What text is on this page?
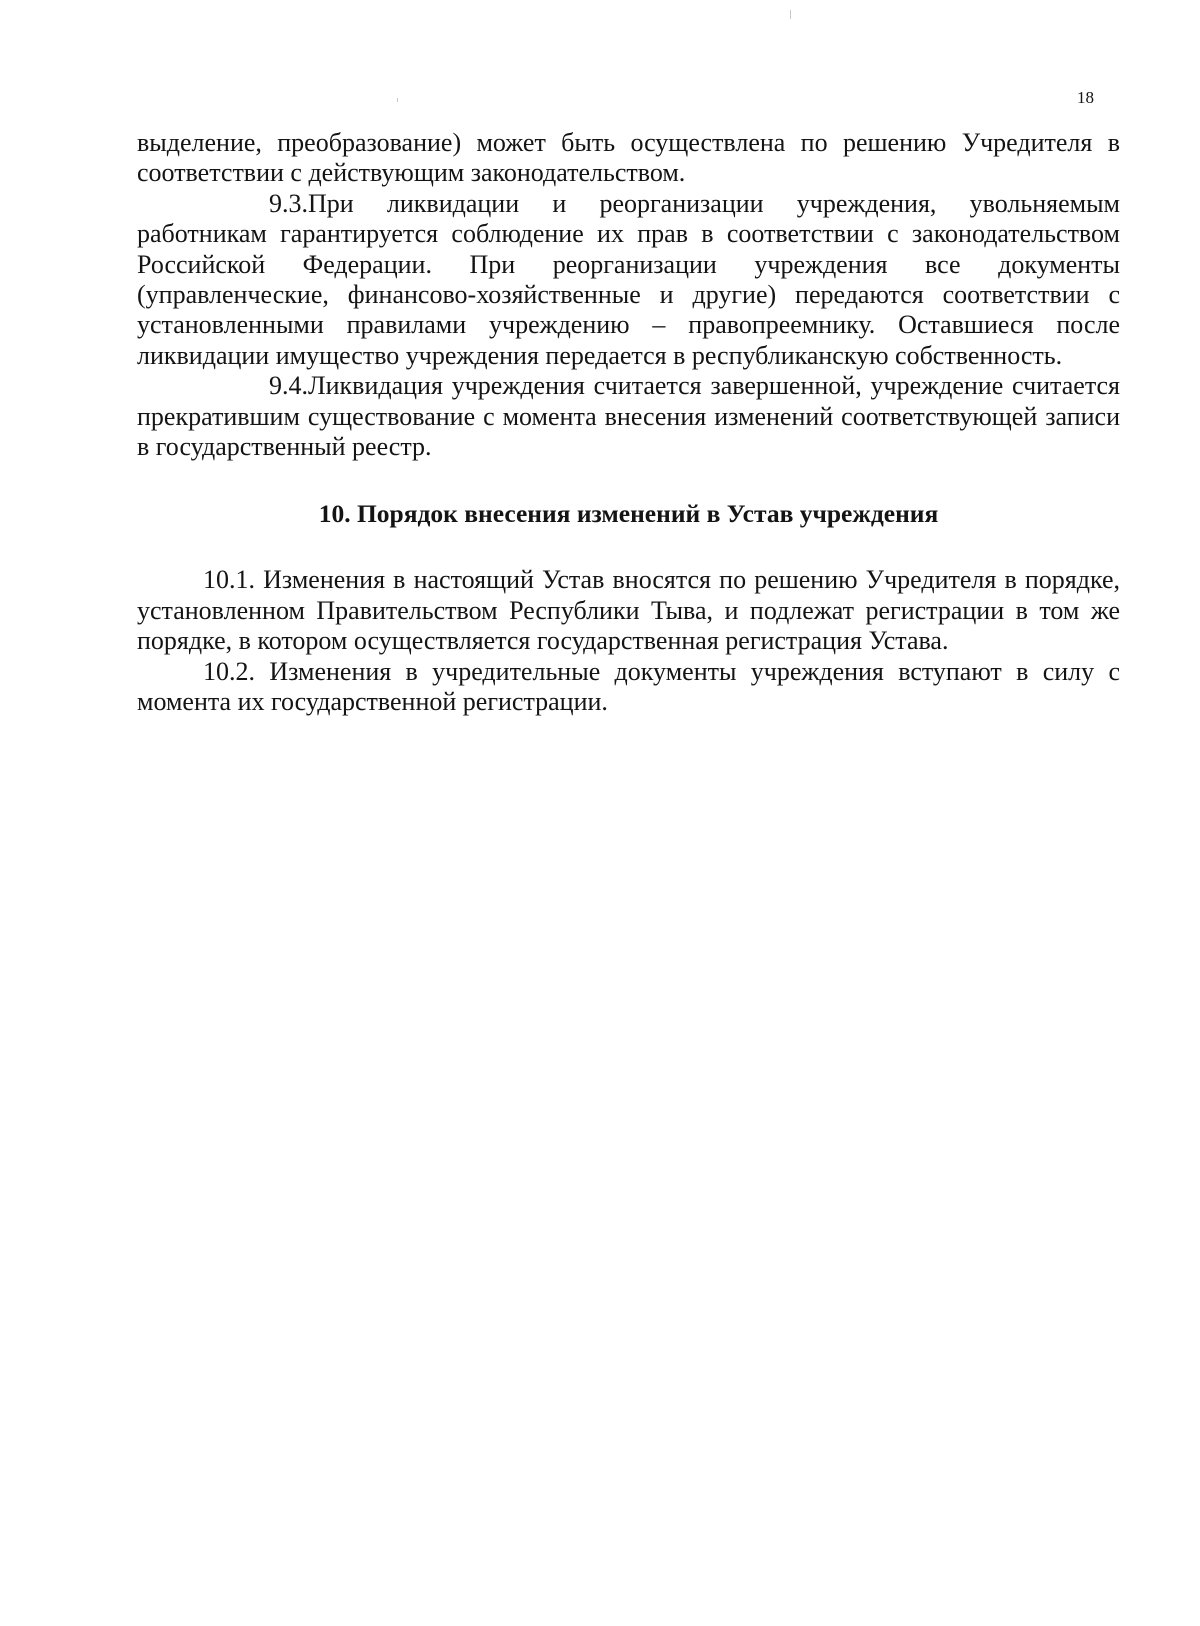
18

выделение, преобразование) может быть осуществлена по решению Учредителя в соответствии с действующим законодательством.

9.3.При ликвидации и реорганизации учреждения, увольняемым работникам гарантируется соблюдение их прав в соответствии с законодательством Российской Федерации. При реорганизации учреждения все документы (управленческие, финансово-хозяйственные и другие) передаются соответствии с установленными правилами учреждению – правопреемнику. Оставшиеся после ликвидации имущество учреждения передается в республиканскую собственность.

9.4.Ликвидация учреждения считается завершенной, учреждение считается прекратившим существование с момента внесения изменений соответствующей записи в государственный реестр.

10. Порядок внесения изменений в Устав учреждения

10.1. Изменения в настоящий Устав вносятся по решению Учредителя в порядке, установленном Правительством Республики Тыва, и подлежат регистрации в том же порядке, в котором осуществляется государственная регистрация Устава.

10.2. Изменения в учредительные документы учреждения вступают в силу с момента их государственной регистрации.
